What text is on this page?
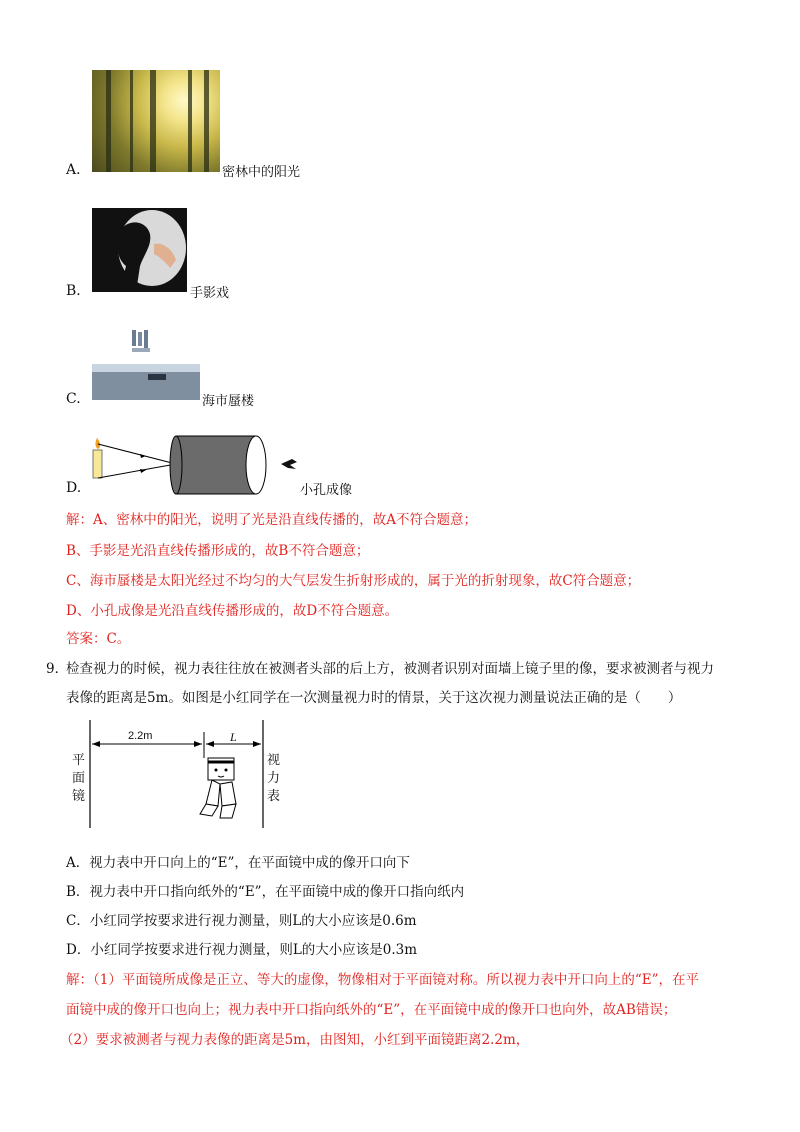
A.	密林中的阳光
B.	手影戏
C.	海市蜃楼
D.	小孔成像
解：A、密林中的阳光，说明了光是沿直线传播的，故A不符合题意；
B、手影是光沿直线传播形成的，故B不符合题意；
C、海市蜃楼是太阳光经过不均匀的大气层发生折射形成的，属于光的折射现象，故C符合题意；
D、小孔成像是光沿直线传播形成的，故D不符合题意。
答案：C。
9．
检查视力的时候，视力表往往放在被测者头部的后上方，被测者识别对面墙上镜子里的像，要求被测者与视力
表像的距离是5m。如图是小红同学在一次测量视力时的情景，关于这次视力测量说法正确的是（　　）
2.2m	L
平
面
镜
视
力
表
A．视力表中开口向上的“E”，在平面镜中成的像开口向下
B．视力表中开口指向纸外的“E”，在平面镜中成的像开口指向纸内
C．小红同学按要求进行视力测量，则L的大小应该是0.6m
D．小红同学按要求进行视力测量，则L的大小应该是0.3m
解：（1）平面镜所成像是正立、等大的虚像，物像相对于平面镜对称。所以视力表中开口向上的“E”，在平
面镜中成的像开口也向上；视力表中开口指向纸外的“E”，在平面镜中成的像开口也向外，故AB错误；
（2）要求被测者与视力表像的距离是5m，由图知，小红到平面镜距离2.2m，
